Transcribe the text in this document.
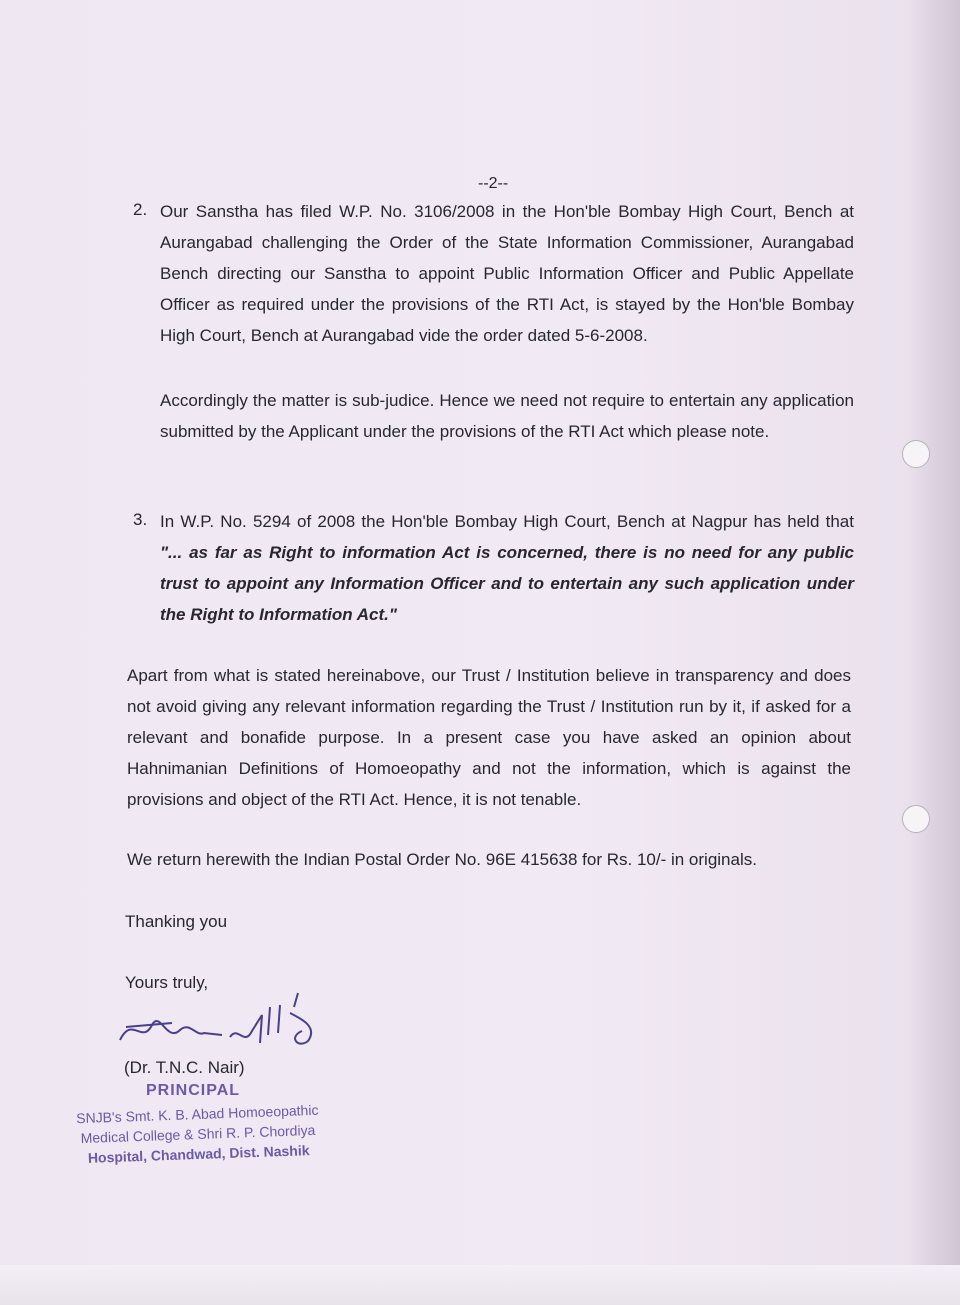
--2--
2. Our Sanstha has filed W.P. No. 3106/2008 in the Hon'ble Bombay High Court, Bench at Aurangabad challenging the Order of the State Information Commissioner, Aurangabad Bench directing our Sanstha to appoint Public Information Officer and Public Appellate Officer as required under the provisions of the RTI Act, is stayed by the Hon'ble Bombay High Court, Bench at Aurangabad vide the order dated 5-6-2008.
Accordingly the matter is sub-judice. Hence we need not require to entertain any application submitted by the Applicant under the provisions of the RTI Act which please note.
3. In W.P. No. 5294 of 2008 the Hon'ble Bombay High Court, Bench at Nagpur has held that "... as far as Right to information Act is concerned, there is no need for any public trust to appoint any Information Officer and to entertain any such application under the Right to Information Act."
Apart from what is stated hereinabove, our Trust / Institution believe in transparency and does not avoid giving any relevant information regarding the Trust / Institution run by it, if asked for a relevant and bonafide purpose. In a present case you have asked an opinion about Hahnimanian Definitions of Homoeopathy and not the information, which is against the provisions and object of the RTI Act. Hence, it is not tenable.
We return herewith the Indian Postal Order No. 96E 415638 for Rs. 10/- in originals.
Thanking you
Yours truly,
(Dr. T.N.C. Nair)
PRINCIPAL
SNJB's Smt. K. B. Abad Homoeopathic
Medical College & Shri R. P. Chordiya
Hospital, Chandwad, Dist. Nashik
